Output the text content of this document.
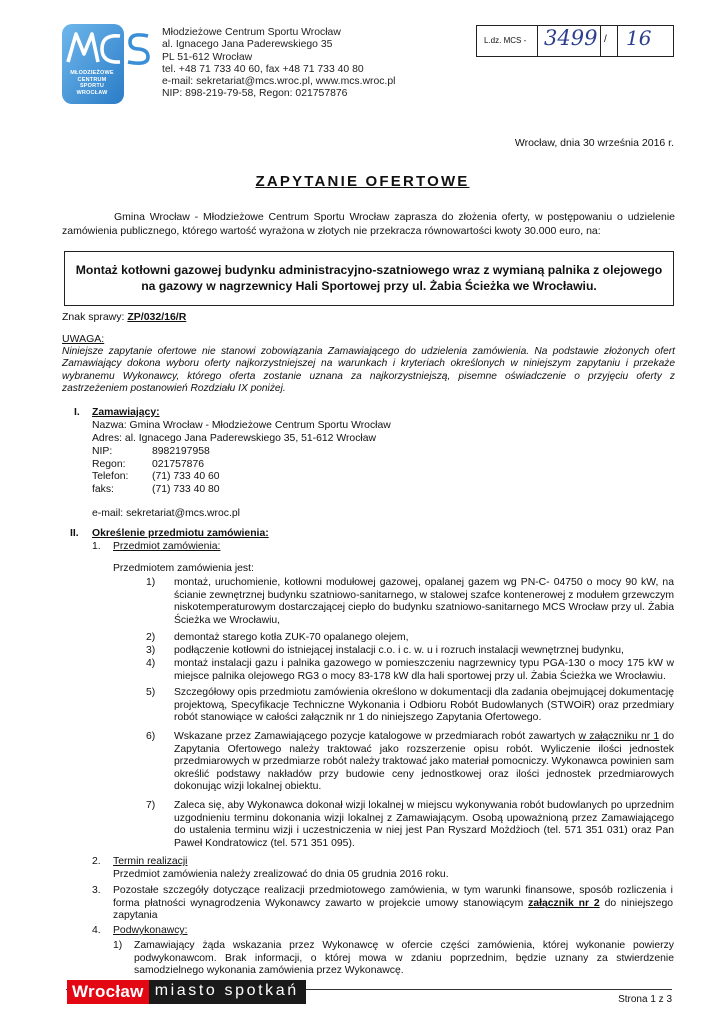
MŁODZIEŻOWE
CENTRUM
SPORTU
WROCŁAW
Młodzieżowe Centrum Sportu Wrocław
al. Ignacego Jana Paderewskiego 35
PL 51-612 Wrocław
tel. +48 71 733 40 60, fax +48 71 733 40 80
e-mail: sekretariat@mcs.wroc.pl, www.mcs.wroc.pl
NIP: 898-219-79-58, Regon: 021757876
L.dz. MCS - 3499 / 16
Wrocław, dnia 30 września 2016 r.
ZAPYTANIE OFERTOWE
Gmina Wrocław - Młodzieżowe Centrum Sportu Wrocław zaprasza do złożenia oferty, w postępowaniu o udzielenie zamówienia publicznego, którego wartość wyrażona w złotych nie przekracza równowartości kwoty 30.000 euro, na:
Montaż kotłowni gazowej budynku administracyjno-szatniowego wraz z wymianą palnika z olejowego na gazowy w nagrzewnicy Hali Sportowej przy ul. Żabia Ścieżka we Wrocławiu.
Znak sprawy: ZP/032/16/R
UWAGA:
Niniejsze zapytanie ofertowe nie stanowi zobowiązania Zamawiającego do udzielenia zamówienia. Na podstawie złożonych ofert Zamawiający dokona wyboru oferty najkorzystniejszej na warunkach i kryteriach określonych w niniejszym zapytaniu i przekaże wybranemu Wykonawcy, którego oferta zostanie uznana za najkorzystniejszą, pisemne oświadczenie o przyjęciu oferty z zastrzeżeniem postanowień Rozdziału IX poniżej.
I. Zamawiający:
Nazwa: Gmina Wrocław - Młodzieżowe Centrum Sportu Wrocław
Adres: al. Ignacego Jana Paderewskiego 35, 51-612 Wrocław
NIP:	8982197958
Regon:	021757876
Telefon: (71) 733 40 60
faks:	(71) 733 40 80
e-mail: sekretariat@mcs.wroc.pl
II. Określenie przedmiotu zamówienia:
1. Przedmiot zamówienia:
Przedmiotem zamówienia jest:
1) montaż, uruchomienie, kotłowni modułowej gazowej, opalanej gazem wg PN-C- 04750 o mocy 90 kW, na ścianie zewnętrznej budynku szatniowo-sanitarnego, w stalowej szafce kontenerowej z modułem grzewczym niskotemperaturowym dostarczającej ciepło do budynku szatniowo-sanitarnego MCS Wrocław przy ul. Żabia Ścieżka we Wrocławiu,
2) demontaż starego kotła ZUK-70 opalanego olejem,
3) podłączenie kotłowni do istniejącej instalacji c.o. i c. w. u i rozruch instalacji wewnętrznej budynku,
4) montaż instalacji gazu i palnika gazowego w pomieszczeniu nagrzewnicy typu PGA-130 o mocy 175 kW w miejsce palnika olejowego RG3 o mocy 83-178 kW dla hali sportowej przy ul. Żabia Ścieżka we Wrocławiu.
5) Szczegółowy opis przedmiotu zamówienia określono w dokumentacji dla zadania obejmującej dokumentację projektową, Specyfikacje Techniczne Wykonania i Odbioru Robót Budowlanych (STWOiR) oraz przedmiary robót stanowiące w całości załącznik nr 1 do niniejszego Zapytania Ofertowego.
6) Wskazane przez Zamawiającego pozycje katalogowe w przedmiarach robót zawartych w załączniku nr 1 do Zapytania Ofertowego należy traktować jako rozszerzenie opisu robót. Wyliczenie ilości jednostek przedmiarowych w przedmiarze robót należy traktować jako materiał pomocniczy. Wykonawca powinien sam określić podstawy nakładów przy budowie ceny jednostkowej oraz ilości jednostek przedmiarowych dokonując wizji lokalnej obiektu.
7) Zaleca się, aby Wykonawca dokonał wizji lokalnej w miejscu wykonywania robót budowlanych po uprzednim uzgodnieniu terminu dokonania wizji lokalnej z Zamawiającym. Osobą upoważnioną przez Zamawiającego do ustalenia terminu wizji i uczestniczenia w niej jest Pan Ryszard Możdżioch (tel. 571 351 031) oraz Pan Paweł Kondratowicz (tel. 571 351 095).
2. Termin realizacji
Przedmiot zamówienia należy zrealizować do dnia 05 grudnia 2016 roku.
3. Pozostałe szczegóły dotyczące realizacji przedmiotowego zamówienia, w tym warunki finansowe, sposób rozliczenia i forma płatności wynagrodzenia Wykonawcy zawarto w projekcie umowy stanowiącym załącznik nr 2 do niniejszego zapytania
4. Podwykonawcy:
1) Zamawiający żąda wskazania przez Wykonawcę w ofercie części zamówienia, której wykonanie powierzy podwykonawcom. Brak informacji, o której mowa w zdaniu poprzednim, będzie uznany za stwierdzenie samodzielnego wykonania zamówienia przez Wykonawcę.
Wrocław miasto spotkań
Strona 1 z 3
